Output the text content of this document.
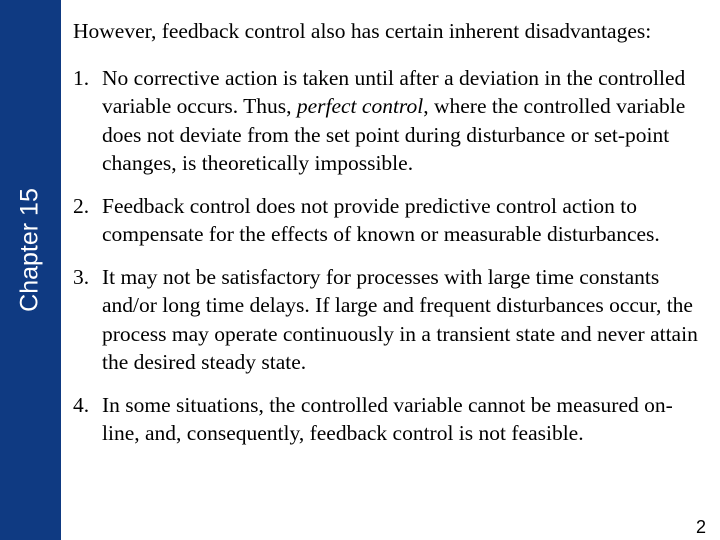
Chapter 15

However, feedback control also has certain inherent disadvantages:

1. No corrective action is taken until after a deviation in the controlled variable occurs. Thus, perfect control, where the controlled variable does not deviate from the set point during disturbance or set-point changes, is theoretically impossible.
2. Feedback control does not provide predictive control action to compensate for the effects of known or measurable disturbances.
3. It may not be satisfactory for processes with large time constants and/or long time delays. If large and frequent disturbances occur, the process may operate continuously in a transient state and never attain the desired steady state.
4. In some situations, the controlled variable cannot be measured on-line, and, consequently, feedback control is not feasible.
2
